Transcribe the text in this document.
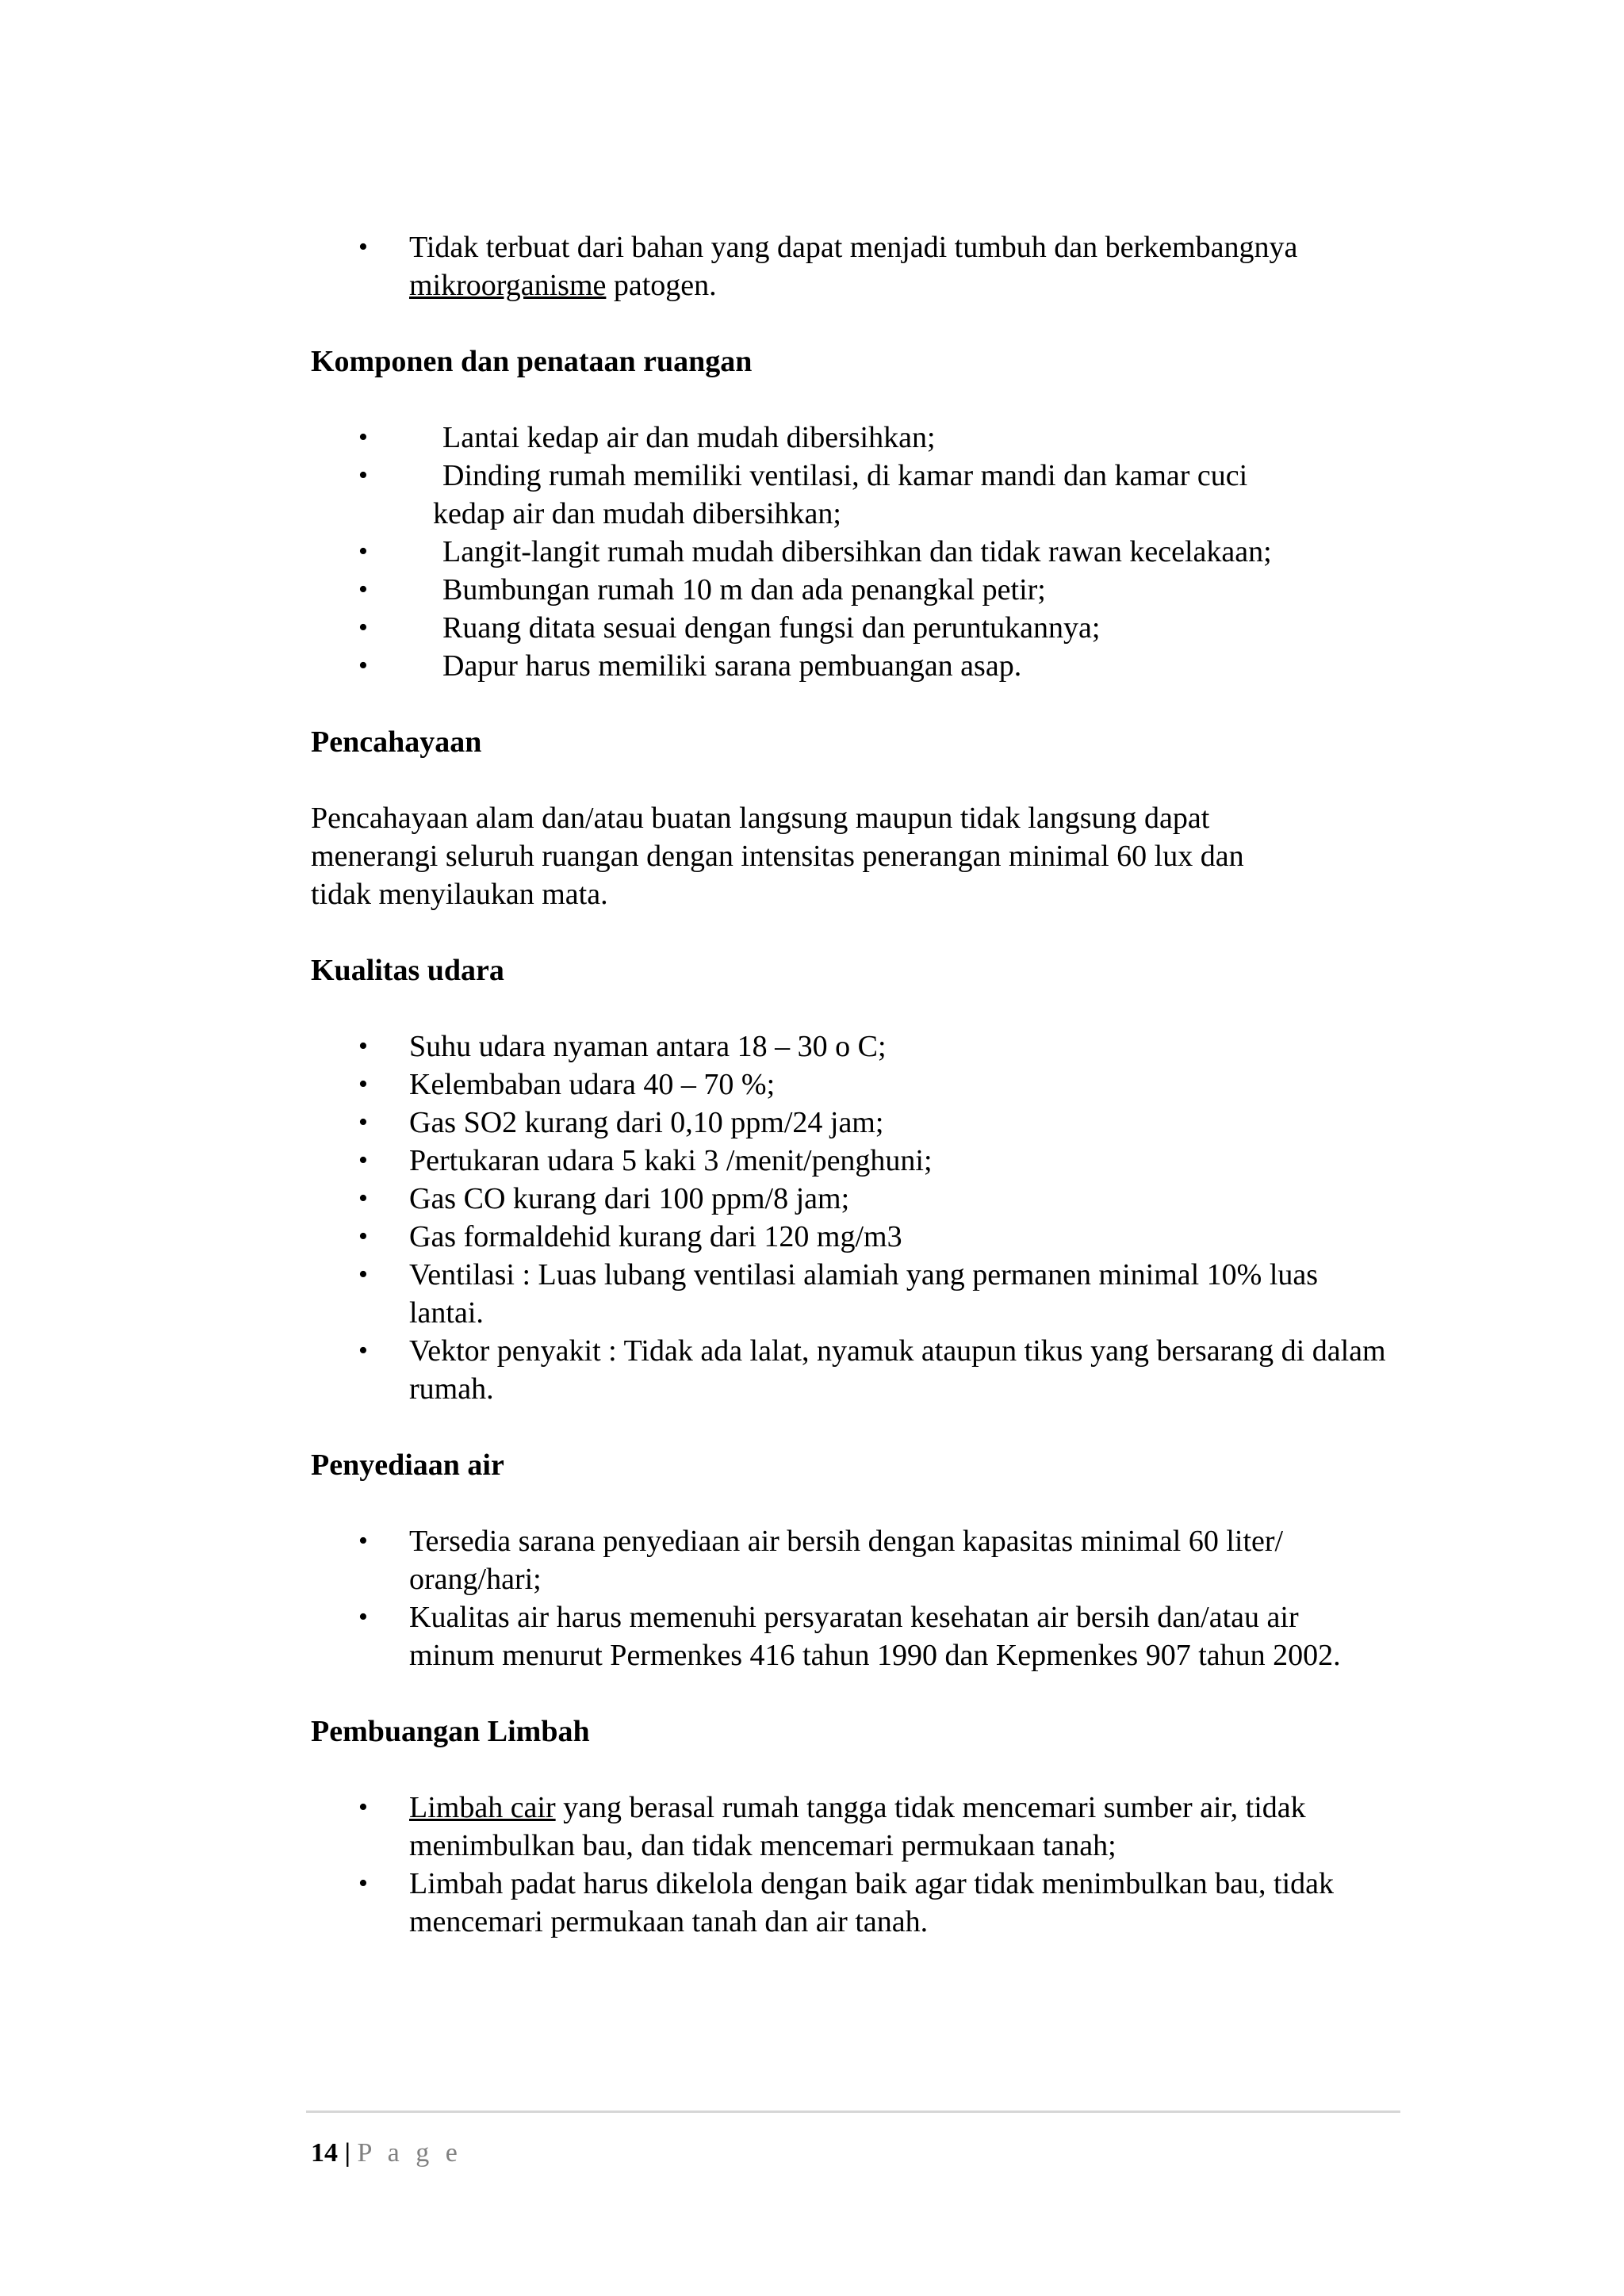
• Tidak terbuat dari bahan yang dapat menjadi tumbuh dan berkembangnya
mikroorganisme patogen.

Komponen dan penataan ruangan

• Lantai kedap air dan mudah dibersihkan;
• Dinding rumah memiliki ventilasi, di kamar mandi dan kamar cuci
kedap air dan mudah dibersihkan;
• Langit-langit rumah mudah dibersihkan dan tidak rawan kecelakaan;
• Bumbungan rumah 10 m dan ada penangkal petir;
• Ruang ditata sesuai dengan fungsi dan peruntukannya;
• Dapur harus memiliki sarana pembuangan asap.

Pencahayaan

Pencahayaan alam dan/atau buatan langsung maupun tidak langsung dapat
menerangi seluruh ruangan dengan intensitas penerangan minimal 60 lux dan
tidak menyilaukan mata.

Kualitas udara

• Suhu udara nyaman antara 18 – 30 o C;
• Kelembaban udara 40 – 70 %;
• Gas SO2 kurang dari 0,10 ppm/24 jam;
• Pertukaran udara 5 kaki 3 /menit/penghuni;
• Gas CO kurang dari 100 ppm/8 jam;
• Gas formaldehid kurang dari 120 mg/m3
• Ventilasi : Luas lubang ventilasi alamiah yang permanen minimal 10% luas lantai.
• Vektor penyakit : Tidak ada lalat, nyamuk ataupun tikus yang bersarang di dalam rumah.

Penyediaan air

• Tersedia sarana penyediaan air bersih dengan kapasitas minimal 60 liter/ orang/hari;
• Kualitas air harus memenuhi persyaratan kesehatan air bersih dan/atau air minum menurut Permenkes 416 tahun 1990 dan Kepmenkes 907 tahun 2002.

Pembuangan Limbah

• Limbah cair yang berasal rumah tangga tidak mencemari sumber air, tidak menimbulkan bau, dan tidak mencemari permukaan tanah;
• Limbah padat harus dikelola dengan baik agar tidak menimbulkan bau, tidak mencemari permukaan tanah dan air tanah.
14 | P a g e
